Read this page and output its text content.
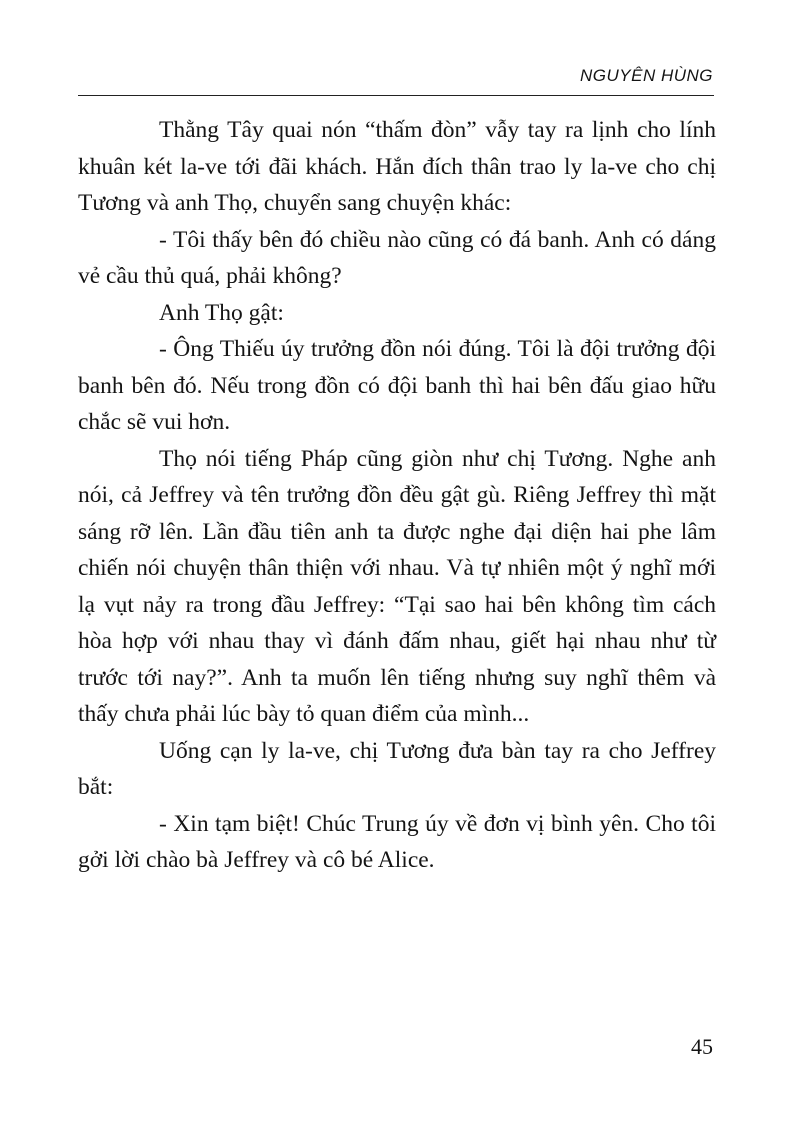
NGUYÊN HÙNG

Thằng Tây quai nón “thấm đòn” vẫy tay ra lịnh cho lính khuân két la-ve tới đãi khách. Hắn đích thân trao ly la-ve cho chị Tương và anh Thọ, chuyển sang chuyện khác:

- Tôi thấy bên đó chiều nào cũng có đá banh. Anh có dáng vẻ cầu thủ quá, phải không?

Anh Thọ gật:

- Ông Thiếu úy trưởng đồn nói đúng. Tôi là đội trưởng đội banh bên đó. Nếu trong đồn có đội banh thì hai bên đấu giao hữu chắc sẽ vui hơn.

Thọ nói tiếng Pháp cũng giòn như chị Tương. Nghe anh nói, cả Jeffrey và tên trưởng đồn đều gật gù. Riêng Jeffrey thì mặt sáng rỡ lên. Lần đầu tiên anh ta được nghe đại diện hai phe lâm chiến nói chuyện thân thiện với nhau. Và tự nhiên một ý nghĩ mới lạ vụt nảy ra trong đầu Jeffrey: “Tại sao hai bên không tìm cách hòa hợp với nhau thay vì đánh đấm nhau, giết hại nhau như từ trước tới nay?”. Anh ta muốn lên tiếng nhưng suy nghĩ thêm và thấy chưa phải lúc bày tỏ quan điểm của mình...

Uống cạn ly la-ve, chị Tương đưa bàn tay ra cho Jeffrey bắt:

- Xin tạm biệt! Chúc Trung úy về đơn vị bình yên. Cho tôi gởi lời chào bà Jeffrey và cô bé Alice.

45
